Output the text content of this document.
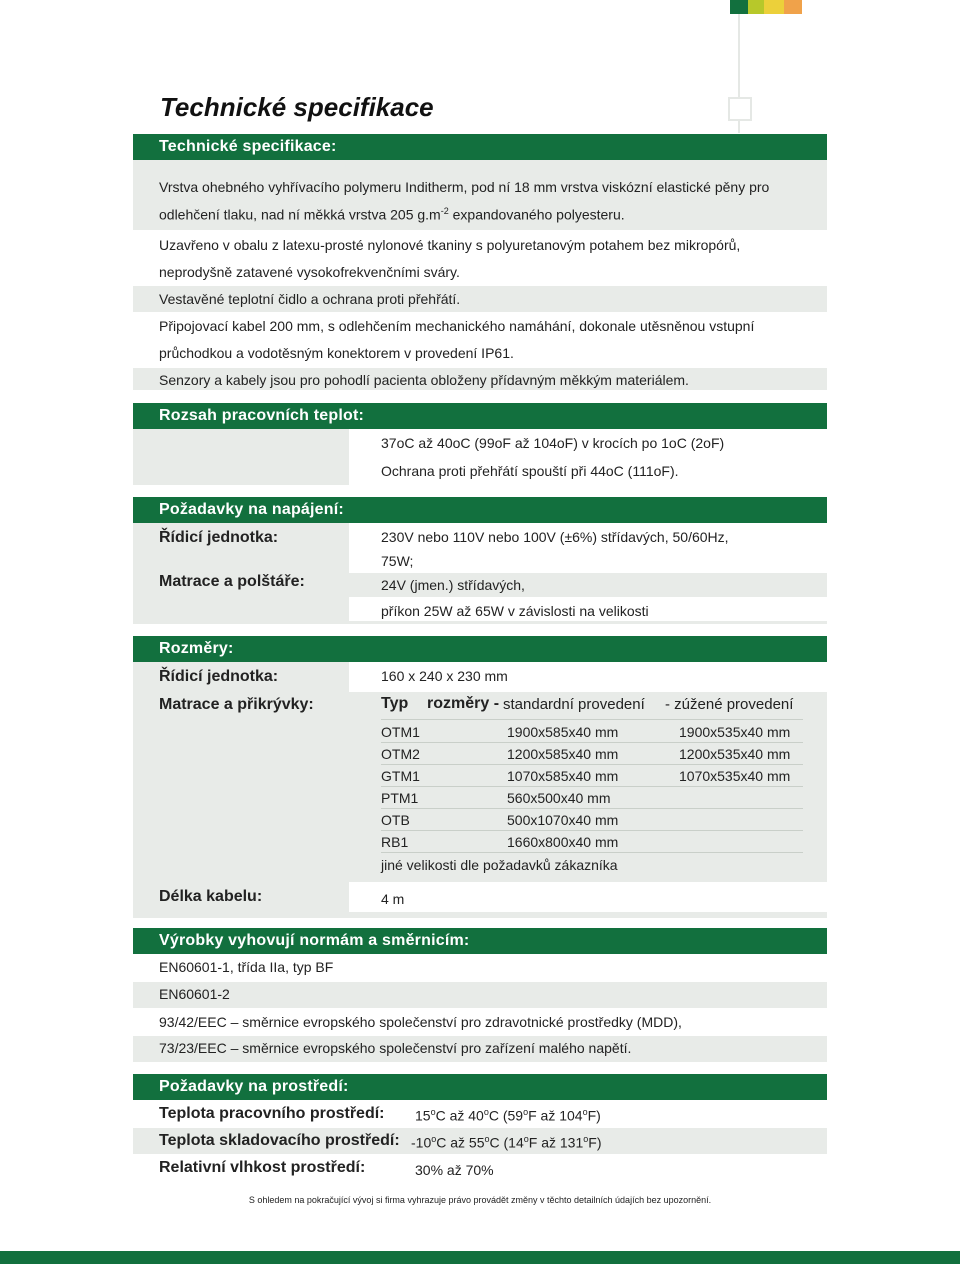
Technické specifikace
Technické specifikace:
Vrstva ohebného vyhřívacího polymeru Inditherm, pod ní 18 mm vrstva viskózní elastické pěny pro
odlehčení tlaku, nad ní měkká vrstva 205 $g.m^{-2}$ expandovaného polyesteru.
Uzavřeno v obalu z latexu-prosté nylonové tkaniny s polyuretanovým potahem bez mikropórů,
neprodyšně zatavené vysokofrekvenčními sváry.
Vestavěné teplotní čidlo a ochrana proti přehřátí.
Připojovací kabel 200 mm, s odlehčením mechanického namáhání, dokonale utěsněnou vstupní
průchodkou a vodotěsným konektorem v provedení IP61.
Senzory a kabely jsou pro pohodlí pacienta obloženy přídavným měkkým materiálem.
Rozsah pracovních teplot:
37oC až 40oC (99oF až 104oF) v krocích po 1oC (2oF)
Ochrana proti přehřátí spouští při 44oC (111oF).
Požadavky na napájení:
Řídicí jednotka:	230V nebo 110V nebo 100V (±6%) střídavých, 50/60Hz,
75W;
Matrace a polštáře:	24V (jmen.) střídavých,
příkon 25W až 65W v závislosti na velikosti
Rozměry:
Řídicí jednotka:	160 x 240 x 230 mm
Matrace a přikrývky:	Typ rozměry - standardní provedení - zúžené provedení
OTM1	1900x585x40 mm	1900x535x40 mm
OTM2	1200x585x40 mm	1200x535x40 mm
GTM1	1070x585x40 mm	1070x535x40 mm
PTM1	560x500x40 mm
OTB	500x1070x40 mm
RB1	1660x800x40 mm
jiné velikosti dle požadavků zákazníka
Délka kabelu:	4 m
Výrobky vyhovují normám a směrnicím:
EN60601-1, třída IIa, typ BF
EN60601-2
93/42/EEC – směrnice evropského společenství pro zdravotnické prostředky (MDD),
73/23/EEC – směrnice evropského společenství pro zařízení malého napětí.
Požadavky na prostředí:
Teplota pracovního prostředí: 15$^o$C až 40$^o$C (59$^o$F až 104$^o$F)
Teplota skladovacího prostředí: -10$^o$C až 55$^o$C (14$^o$F až 131$^o$F)
Relativní vlhkost prostředí:	30% až 70%
S ohledem na pokračující vývoj si firma vyhrazuje právo provádět změny v těchto detailních údajích bez upozornění.
